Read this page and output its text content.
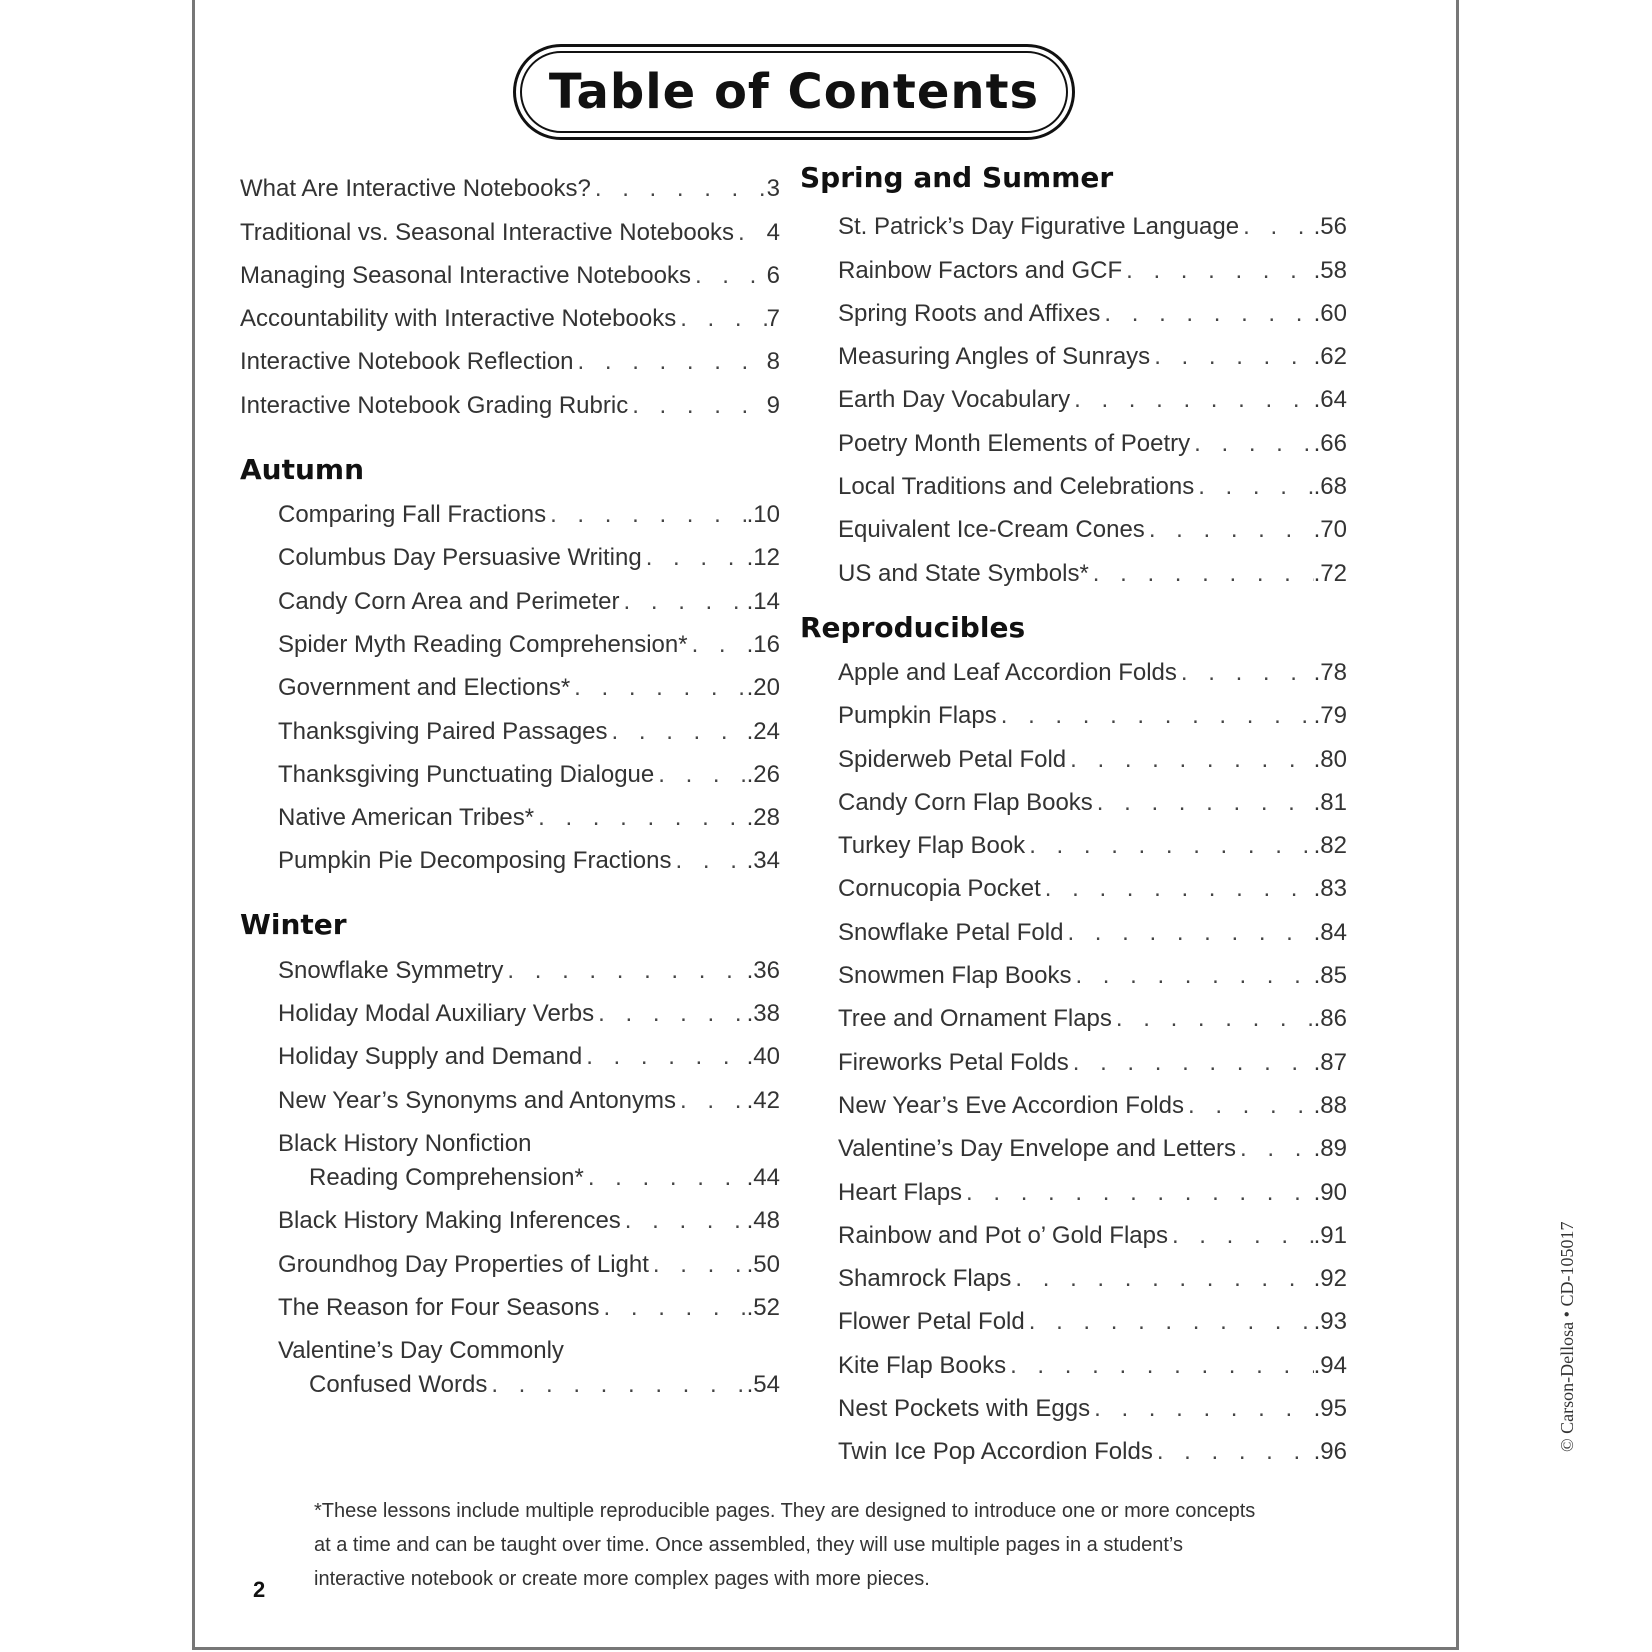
Table of Contents
What Are Interactive Notebooks? . . .	3
Traditional vs. Seasonal Interactive Notebooks . . . 4
Managing Seasonal Interactive Notebooks . . .	6
Accountability with Interactive Notebooks . . .	7
Interactive Notebook Reflection . . .	8
Interactive Notebook Grading Rubric . . .	9
Autumn
Comparing Fall Fractions . . .	.10
Columbus Day Persuasive Writing . . .	.12
Candy Corn Area and Perimeter . . .	.14
Spider Myth Reading Comprehension* . . . .16
Government and Elections* . . .	.20
Thanksgiving Paired Passages . . .	.24
Thanksgiving Punctuating Dialogue . . .	.26
Native American Tribes* . . .	.28
Pumpkin Pie Decomposing Fractions . . .	.34
Winter
Snowflake Symmetry . . .	.36
Holiday Modal Auxiliary Verbs . . .	.38
Holiday Supply and Demand . . .	.40
New Year’s Synonyms and Antonyms . . .	.42
Black History Nonfiction
Reading Comprehension* . . .	.44
Black History Making Inferences . . .	.48
Groundhog Day Properties of Light . . .	.50
The Reason for Four Seasons . . .	.52
Valentine’s Day Commonly
Confused Words . . .	.54
Spring and Summer
St. Patrick’s Day Figurative Language . . .	.56
Rainbow Factors and GCF . . .	.58
Spring Roots and Affixes . . .	.60
Measuring Angles of Sunrays . . .	.62
Earth Day Vocabulary . . .	.64
Poetry Month Elements of Poetry . . .	.66
Local Traditions and Celebrations . . .	.68
Equivalent Ice-Cream Cones . . .	.70
US and State Symbols* . . .	.72
Reproducibles
Apple and Leaf Accordion Folds . . .	.78
Pumpkin Flaps . . .	.79
Spiderweb Petal Fold . . .	.80
Candy Corn Flap Books . . .	.81
Turkey Flap Book . . .	.82
Cornucopia Pocket . . .	.83
Snowflake Petal Fold . . .	.84
Snowmen Flap Books . . .	.85
Tree and Ornament Flaps . . .	.86
Fireworks Petal Folds . . .	.87
New Year’s Eve Accordion Folds . . .	.88
Valentine’s Day Envelope and Letters . . .	.89
Heart Flaps . . .	.90
Rainbow and Pot o’ Gold Flaps . . .	.91
Shamrock Flaps . . .	.92
Flower Petal Fold . . .	.93
Kite Flap Books . . .	.94
Nest Pockets with Eggs . . .	.95
Twin Ice Pop Accordion Folds . . .	.96	© Carson-Dellosa • CD-105017
*These lessons include multiple reproducible pages. They are designed to introduce one or more concepts
at a time and can be taught over time. Once assembled, they will use multiple pages in a student’s
interactive notebook or create more complex pages with more pieces.
2
